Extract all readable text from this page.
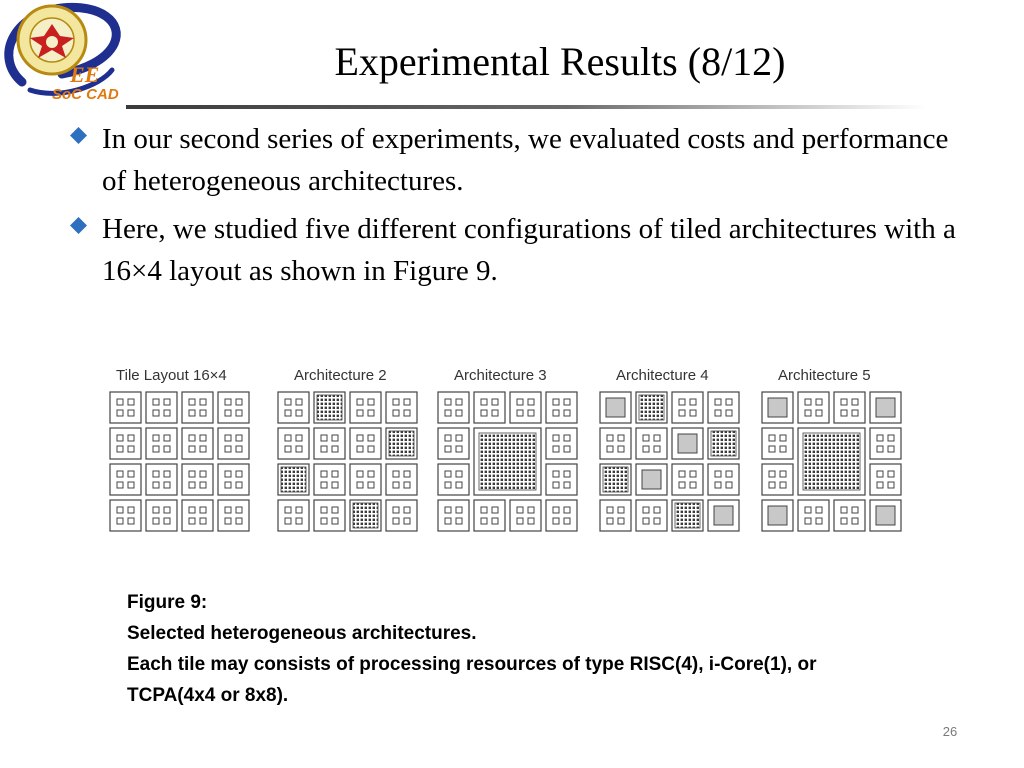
EE
SoC CAD
Experimental Results (8/12)
In our second series of experiments, we evaluated costs and performance of heterogeneous architectures.
Here, we studied five different configurations of tiled architectures with a 16×4 layout as shown in Figure 9.
Tile Layout 16×4	Architecture 2	Architecture 3	Architecture 4	Architecture 5
Figure 9:
Selected heterogeneous architectures.
Each tile may consists of processing resources of type RISC(4), i-Core(1), or
TCPA(4x4 or 8x8).
26
